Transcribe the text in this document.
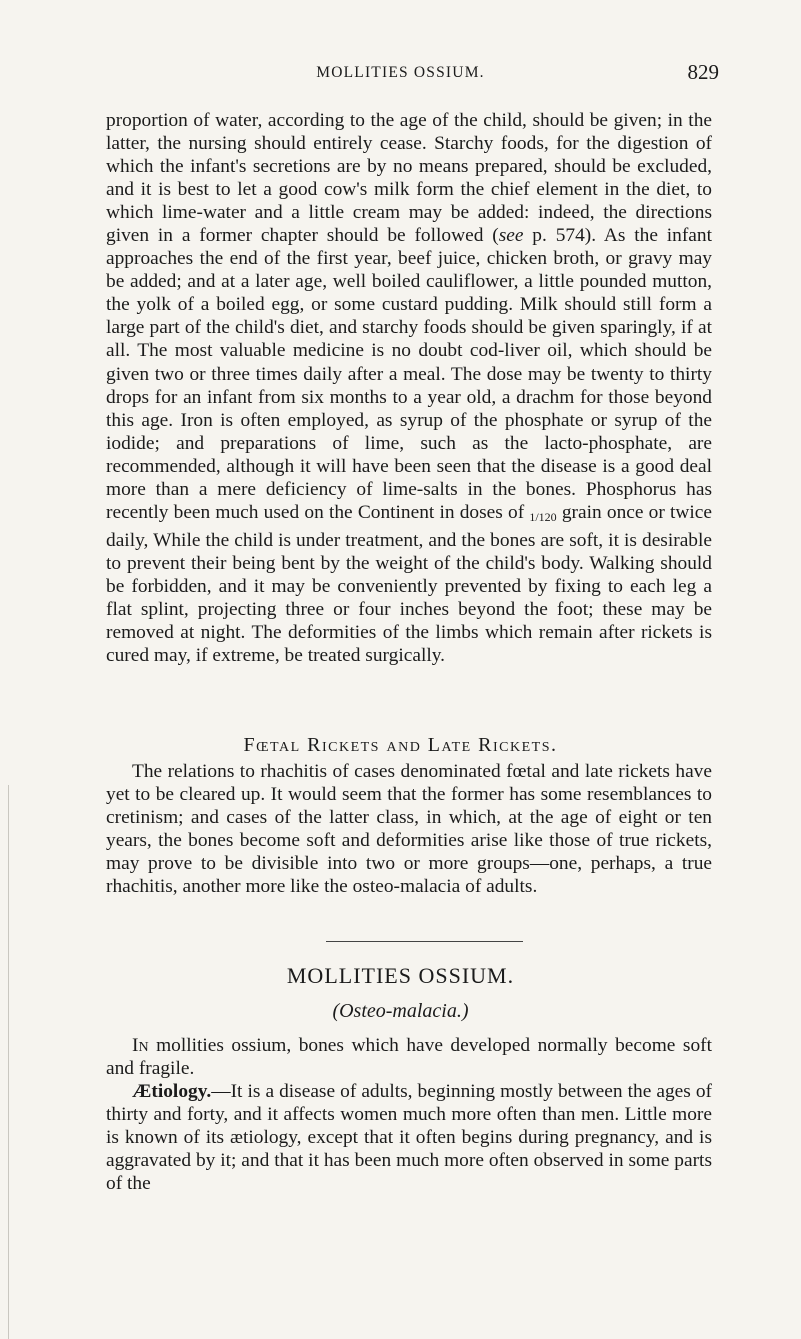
MOLLITIES OSSIUM.	829

proportion of water, according to the age of the child, should be given; in the latter, the nursing should entirely cease. Starchy foods, for the digestion of which the infant's secretions are by no means prepared, should be excluded, and it is best to let a good cow's milk form the chief element in the diet, to which lime-water and a little cream may be added: indeed, the directions given in a former chapter should be followed (see p. 574). As the infant approaches the end of the first year, beef juice, chicken broth, or gravy may be added; and at a later age, well boiled cauliflower, a little pounded mutton, the yolk of a boiled egg, or some custard pudding. Milk should still form a large part of the child's diet, and starchy foods should be given sparingly, if at all. The most valuable medicine is no doubt cod-liver oil, which should be given two or three times daily after a meal. The dose may be twenty to thirty drops for an infant from six months to a year old, a drachm for those beyond this age. Iron is often employed, as syrup of the phosphate or syrup of the iodide; and preparations of lime, such as the lacto-phosphate, are recommended, although it will have been seen that the disease is a good deal more than a mere deficiency of lime-salts in the bones. Phosphorus has recently been much used on the Continent in doses of 1/120 grain once or twice daily, While the child is under treatment, and the bones are soft, it is desirable to prevent their being bent by the weight of the child's body. Walking should be forbidden, and it may be conveniently prevented by fixing to each leg a flat splint, projecting three or four inches beyond the foot; these may be removed at night. The deformities of the limbs which remain after rickets is cured may, if extreme, be treated surgically.

Fœtal Rickets and Late Rickets.

The relations to rhachitis of cases denominated fœtal and late rickets have yet to be cleared up. It would seem that the former has some resemblances to cretinism; and cases of the latter class, in which, at the age of eight or ten years, the bones become soft and deformities arise like those of true rickets, may prove to be divisible into two or more groups—one, perhaps, a true rhachitis, another more like the osteo-malacia of adults.

MOLLITIES OSSIUM.
(Osteo-malacia.)

In mollities ossium, bones which have developed normally become soft and fragile.

Ætiology.—It is a disease of adults, beginning mostly between the ages of thirty and forty, and it affects women much more often than men. Little more is known of its ætiology, except that it often begins during pregnancy, and is aggravated by it; and that it has been much more often observed in some parts of the
